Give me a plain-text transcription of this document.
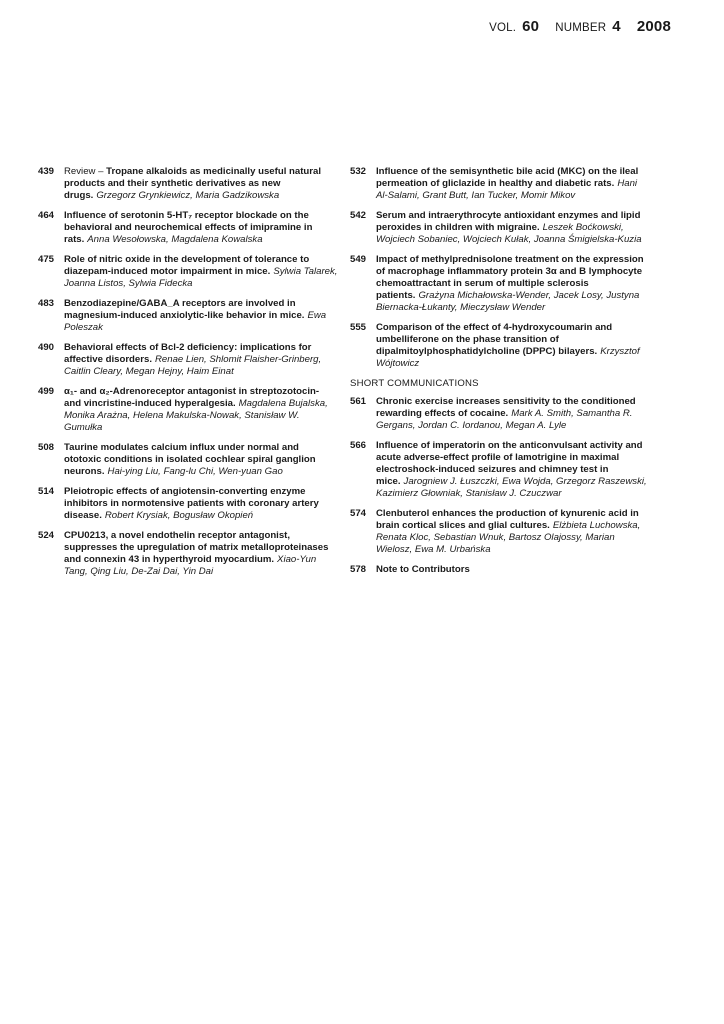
VOL. 60 NUMBER 4 2008
439 Review – Tropane alkaloids as medicinally useful natural products and their synthetic derivatives as new drugs. Grzegorz Grynkiewicz, Maria Gadzikowska
464 Influence of serotonin 5-HT₇ receptor blockade on the behavioral and neurochemical effects of imipramine in rats. Anna Wesołowska, Magdalena Kowalska
475 Role of nitric oxide in the development of tolerance to diazepam-induced motor impairment in mice. Sylwia Talarek, Joanna Listos, Sylwia Fidecka
483 Benzodiazepine/GABA_A receptors are involved in magnesium-induced anxiolytic-like behavior in mice. Ewa Poleszak
490 Behavioral effects of Bcl-2 deficiency: implications for affective disorders. Renae Lien, Shlomit Flaisher-Grinberg, Caitlin Cleary, Megan Hejny, Haim Einat
499 α₁- and α₂-Adrenoreceptor antagonist in streptozotocin- and vincristine-induced hyperalgesia. Magdalena Bujalska, Monika Arażna, Helena Makulska-Nowak, Stanisław W. Gumułka
508 Taurine modulates calcium influx under normal and ototoxic conditions in isolated cochlear spiral ganglion neurons. Hai-ying Liu, Fang-lu Chi, Wen-yuan Gao
514 Pleiotropic effects of angiotensin-converting enzyme inhibitors in normotensive patients with coronary artery disease. Robert Krysiak, Bogusław Okopień
524 CPU0213, a novel endothelin receptor antagonist, suppresses the upregulation of matrix metalloproteinases and connexin 43 in hyperthyroid myocardium. Xiao-Yun Tang, Qing Liu, De-Zai Dai, Yin Dai
532 Influence of the semisynthetic bile acid (MKC) on the ileal permeation of gliclazide in healthy and diabetic rats. Hani Al-Salami, Grant Butt, Ian Tucker, Momir Mikov
542 Serum and intraerythrocyte antioxidant enzymes and lipid peroxides in children with migraine. Leszek Boćkowski, Wojciech Sobaniec, Wojciech Kułak, Joanna Śmigielska-Kuzia
549 Impact of methylprednisolone treatment on the expression of macrophage inflammatory protein 3α and B lymphocyte chemoattractant in serum of multiple sclerosis patients. Grażyna Michałowska-Wender, Jacek Losy, Justyna Biernacka-Łukanty, Mieczysław Wender
555 Comparison of the effect of 4-hydroxycoumarin and umbelliferone on the phase transition of dipalmitoylphosphatidylcholine (DPPC) bilayers. Krzysztof Wójtowicz
SHORT COMMUNICATIONS
561 Chronic exercise increases sensitivity to the conditioned rewarding effects of cocaine. Mark A. Smith, Samantha R. Gergans, Jordan C. Iordanou, Megan A. Lyle
566 Influence of imperatorin on the anticonvulsant activity and acute adverse-effect profile of lamotrigine in maximal electroshock-induced seizures and chimney test in mice. Jarogniew J. Łuszczki, Ewa Wojda, Grzegorz Raszewski, Kazimierz Głowniak, Stanisław J. Czuczwar
574 Clenbuterol enhances the production of kynurenic acid in brain cortical slices and glial cultures. Elżbieta Luchowska, Renata Kloc, Sebastian Wnuk, Bartosz Olajossy, Marian Wielosz, Ewa M. Urbańska
578 Note to Contributors
